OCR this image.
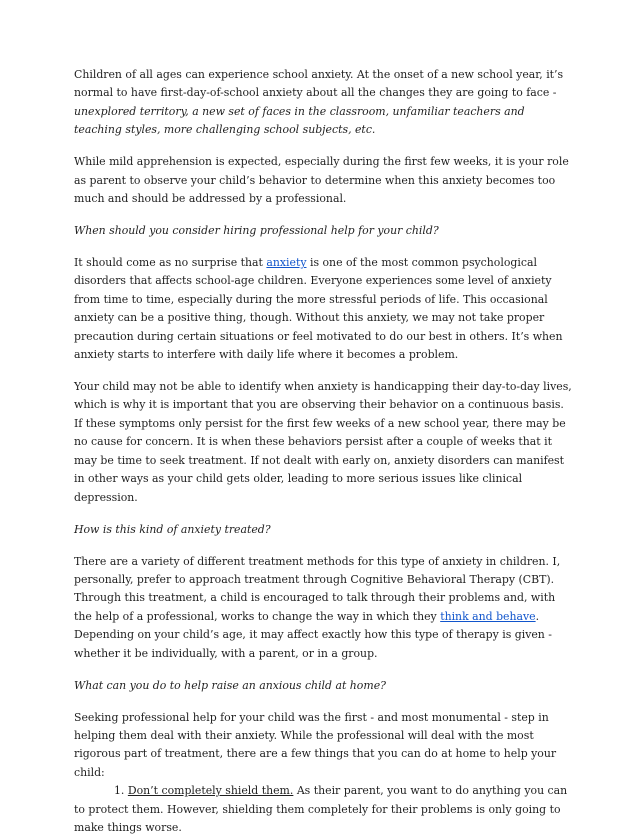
Children of all ages can experience school anxiety. At the onset of a new school year, it’s normal to have first-day-of-school anxiety about all the changes they are going to face - unexplored territory, a new set of faces in the classroom, unfamiliar teachers and teaching styles, more challenging school subjects, etc.

While mild apprehension is expected, especially during the first few weeks, it is your role as parent to observe your child’s behavior to determine when this anxiety becomes too much and should be addressed by a professional.

When should you consider hiring professional help for your child?

It should come as no surprise that anxiety is one of the most common psychological disorders that affects school-age children. Everyone experiences some level of anxiety from time to time, especially during the more stressful periods of life. This occasional anxiety can be a positive thing, though. Without this anxiety, we may not take proper precaution during certain situations or feel motivated to do our best in others. It’s when anxiety starts to interfere with daily life where it becomes a problem.

Your child may not be able to identify when anxiety is handicapping their day-to-day lives, which is why it is important that you are observing their behavior on a continuous basis. If these symptoms only persist for the first few weeks of a new school year, there may be no cause for concern. It is when these behaviors persist after a couple of weeks that it may be time to seek treatment. If not dealt with early on, anxiety disorders can manifest in other ways as your child gets older, leading to more serious issues like clinical depression.

How is this kind of anxiety treated?

There are a variety of different treatment methods for this type of anxiety in children. I, personally, prefer to approach treatment through Cognitive Behavioral Therapy (CBT). Through this treatment, a child is encouraged to talk through their problems and, with the help of a professional, works to change the way in which they think and behave. Depending on your child’s age, it may affect exactly how this type of therapy is given - whether it be individually, with a parent, or in a group.

What can you do to help raise an anxious child at home?

Seeking professional help for your child was the first - and most monumental - step in helping them deal with their anxiety. While the professional will deal with the most rigorous part of treatment, there are a few things that you can do at home to help your child:

1. Don’t completely shield them. As their parent, you want to do anything you can to protect them. However, shielding them completely for their problems is only going to make things worse.
